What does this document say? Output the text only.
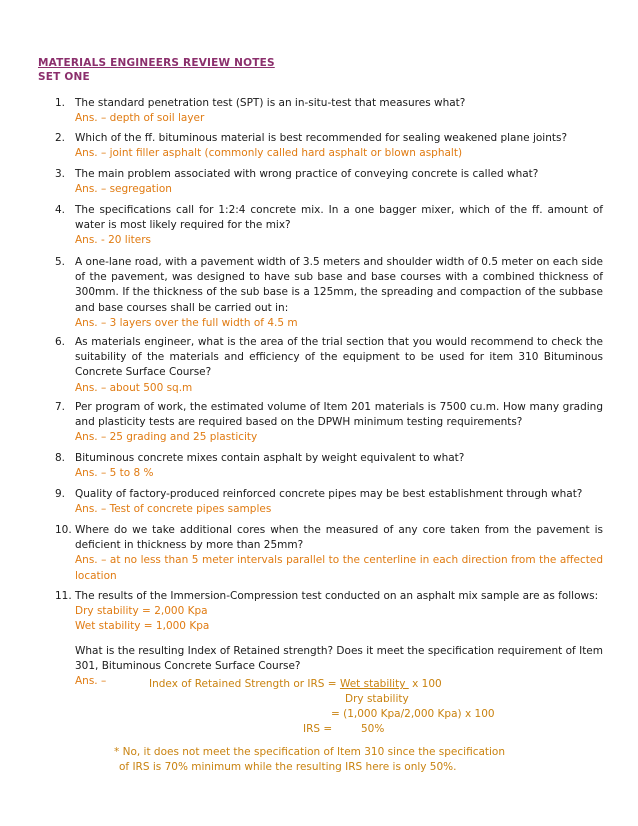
MATERIALS ENGINEERS REVIEW NOTES
SET ONE
1. The standard penetration test (SPT) is an in-situ-test that measures what?

Ans. – depth of soil layer

2. Which of the ff. bituminous material is best recommended for sealing weakened plane joints?

Ans. – joint filler asphalt (commonly called hard asphalt or blown asphalt)

3. The main problem associated with wrong practice of conveying concrete is called what?

Ans. – segregation

4. The specifications call for 1:2:4 concrete mix. In a one bagger mixer, which of the ff. amount of water is most likely required for the mix?

Ans. - 20 liters

5. A one-lane road, with a pavement width of 3.5 meters and shoulder width of 0.5 meter on each side of the pavement, was designed to have sub base and base courses with a combined thickness of 300mm. If the thickness of the sub base is a 125mm, the spreading and compaction of the subbase and base courses shall be carried out in:

Ans. – 3 layers over the full width of 4.5 m

6. As materials engineer, what is the area of the trial section that you would recommend to check the suitability of the materials and efficiency of the equipment to be used for item 310 Bituminous Concrete Surface Course?

Ans. – about 500 sq.m

7. Per program of work, the estimated volume of Item 201 materials is 7500 cu.m. How many grading and plasticity tests are required based on the DPWH minimum testing requirements?

Ans. – 25 grading and 25 plasticity

8. Bituminous concrete mixes contain asphalt by weight equivalent to what?

Ans. – 5 to 8 %

9. Quality of factory-produced reinforced concrete pipes may be best establishment through what?

Ans. – Test of concrete pipes samples

10. Where do we take additional cores when the measured of any core taken from the pavement is deficient in thickness by more than 25mm?

Ans. – at no less than 5 meter intervals parallel to the centerline in each direction from the affected location

11. The results of the Immersion-Compression test conducted on an asphalt mix sample are as follows:

Dry stability = 2,000 Kpa

Wet stability = 1,000 Kpa

What is the resulting Index of Retained strength? Does it meet the specification requirement of Item 301, Bituminous Concrete Surface Course?

Ans. –	Index of Retained Strength or IRS = Wet stability  x 100
Dry stability
= (1,000 Kpa/2,000 Kpa) x 100
IRS =	50%
* No, it does not meet the specification of Item 310 since the specification
of IRS is 70% minimum while the resulting IRS here is only 50%.
